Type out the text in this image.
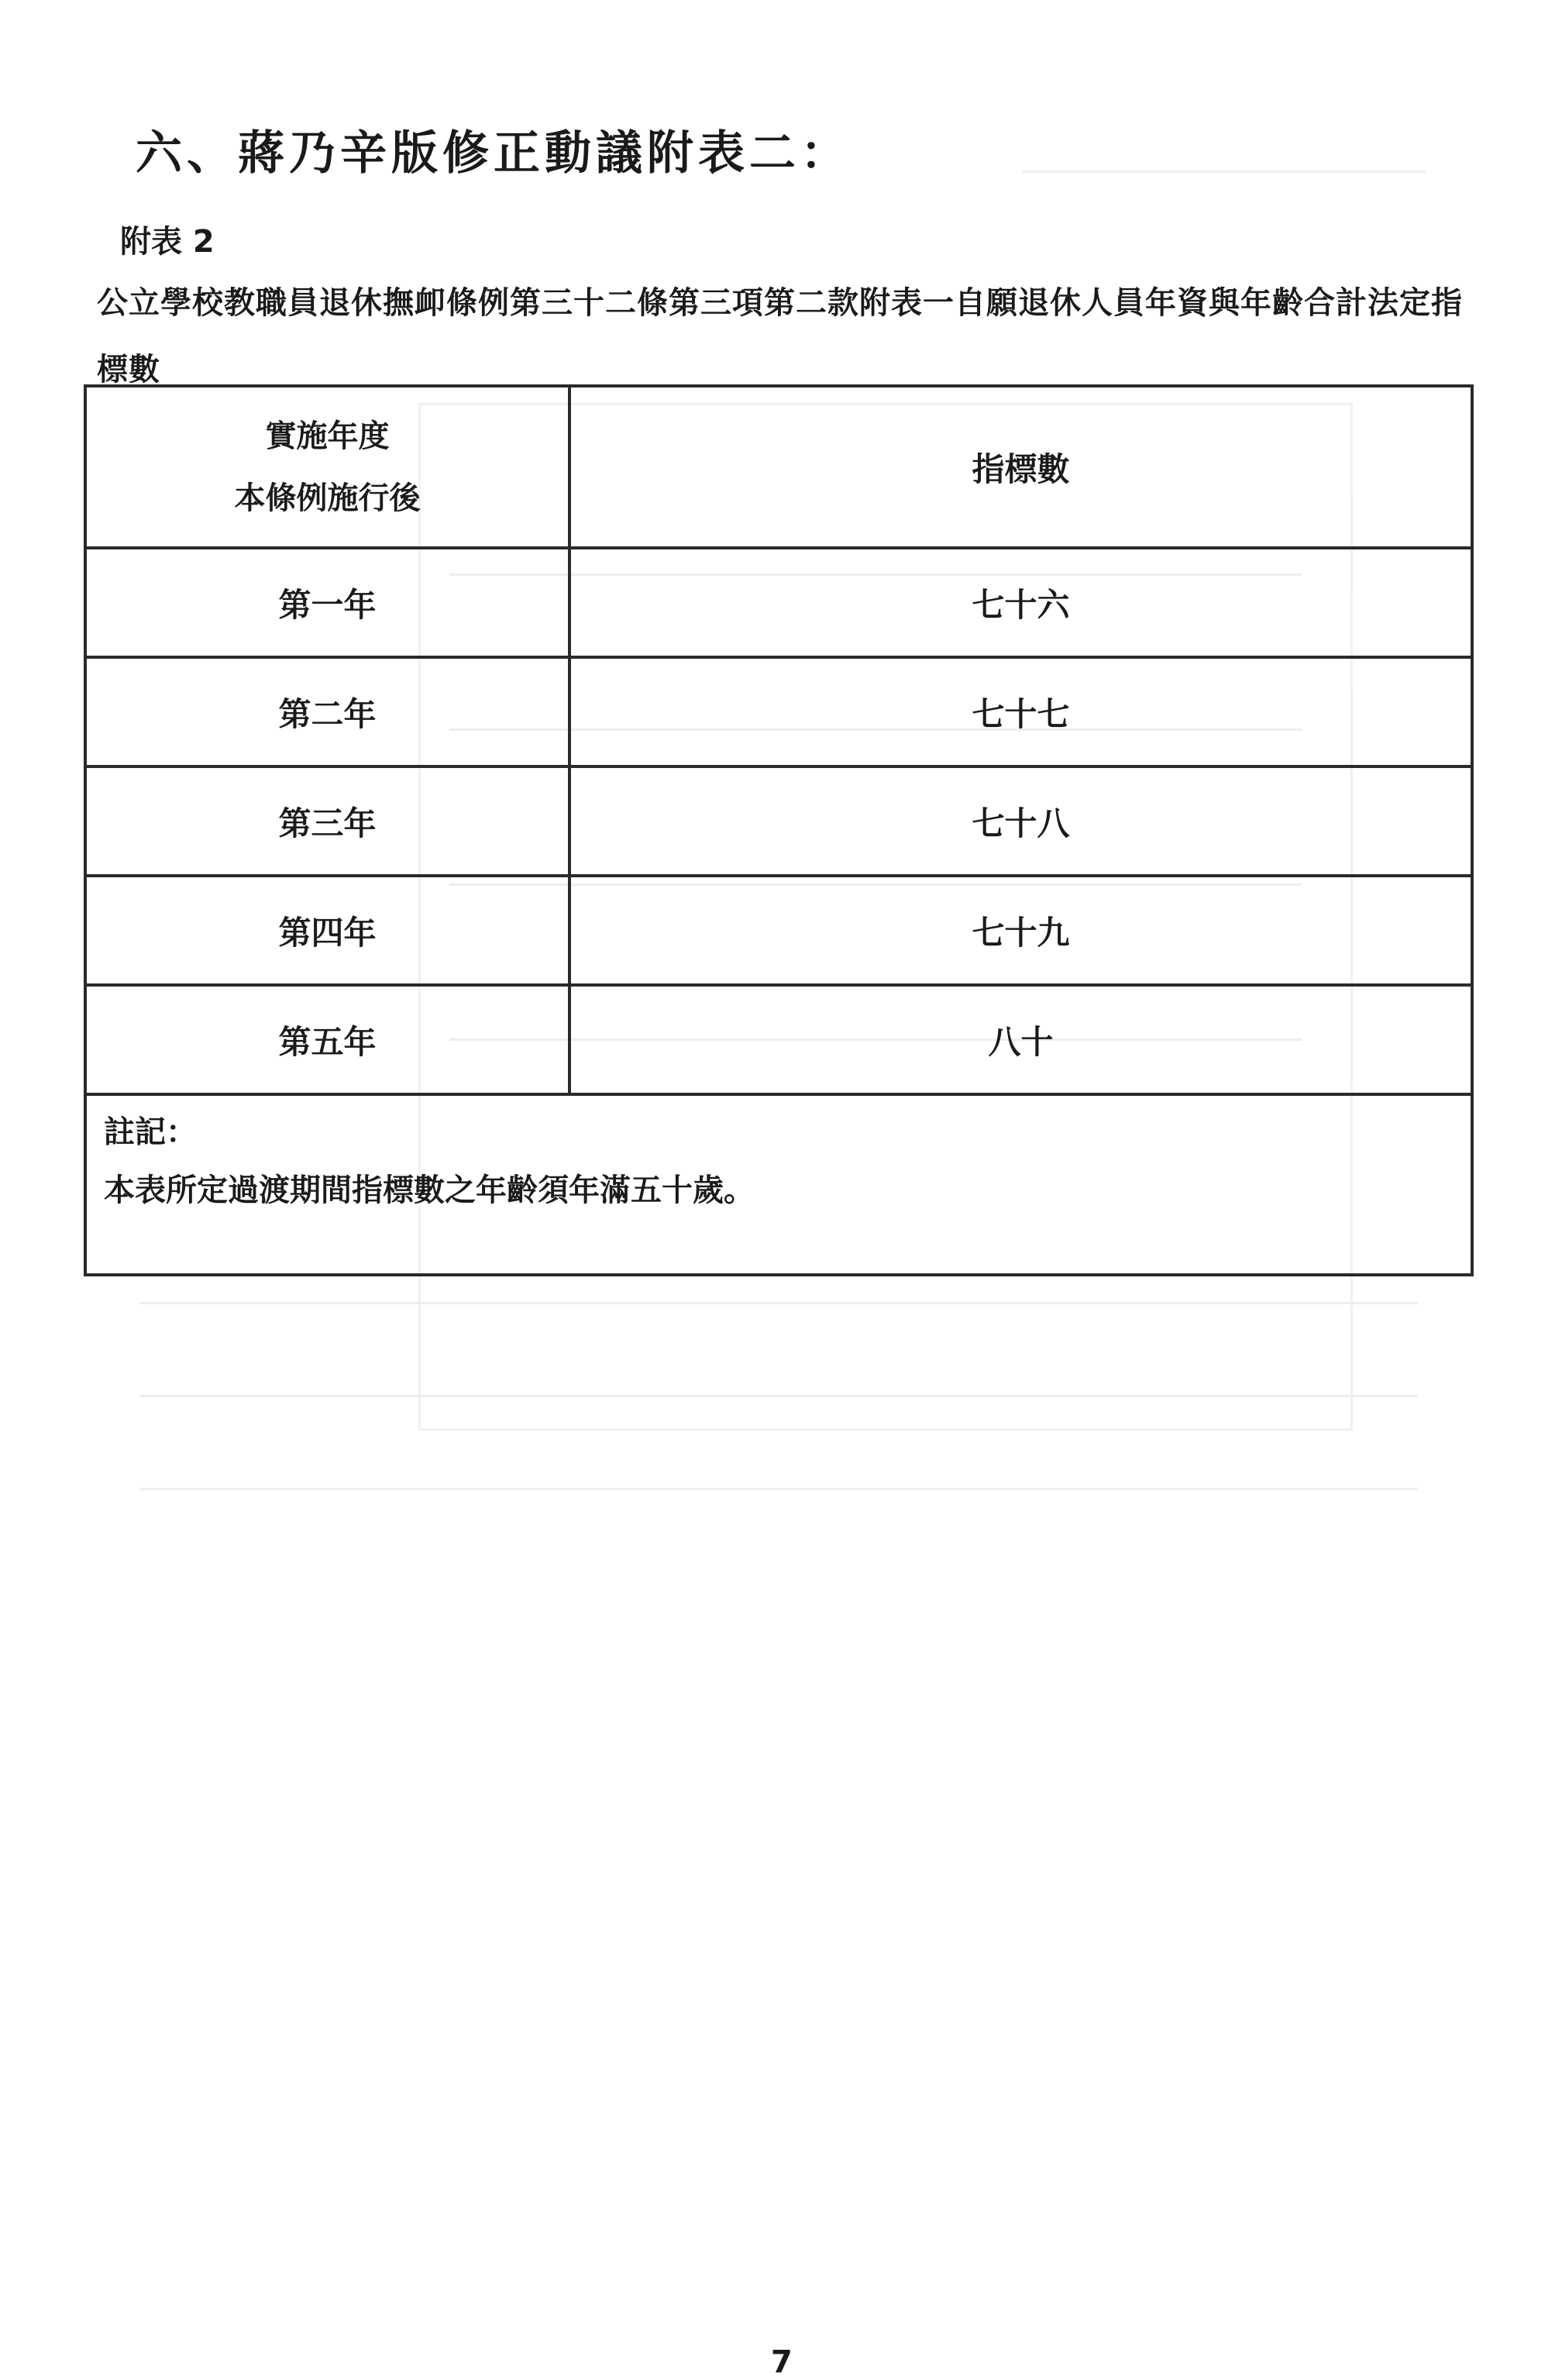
六、蔣乃辛版修正動議附表二：
附表 2

公立學校教職員退休撫卹條例第三十二條第三項第二款附表一自願退休人員年資與年齡合計法定指標數

實施年度
本條例施行後	指標數
第一年	七十六
第二年	七十七
第三年	七十八
第四年	七十九
第五年	八十

註記：
本表所定過渡期間指標數之年齡須年滿五十歲。	
7
